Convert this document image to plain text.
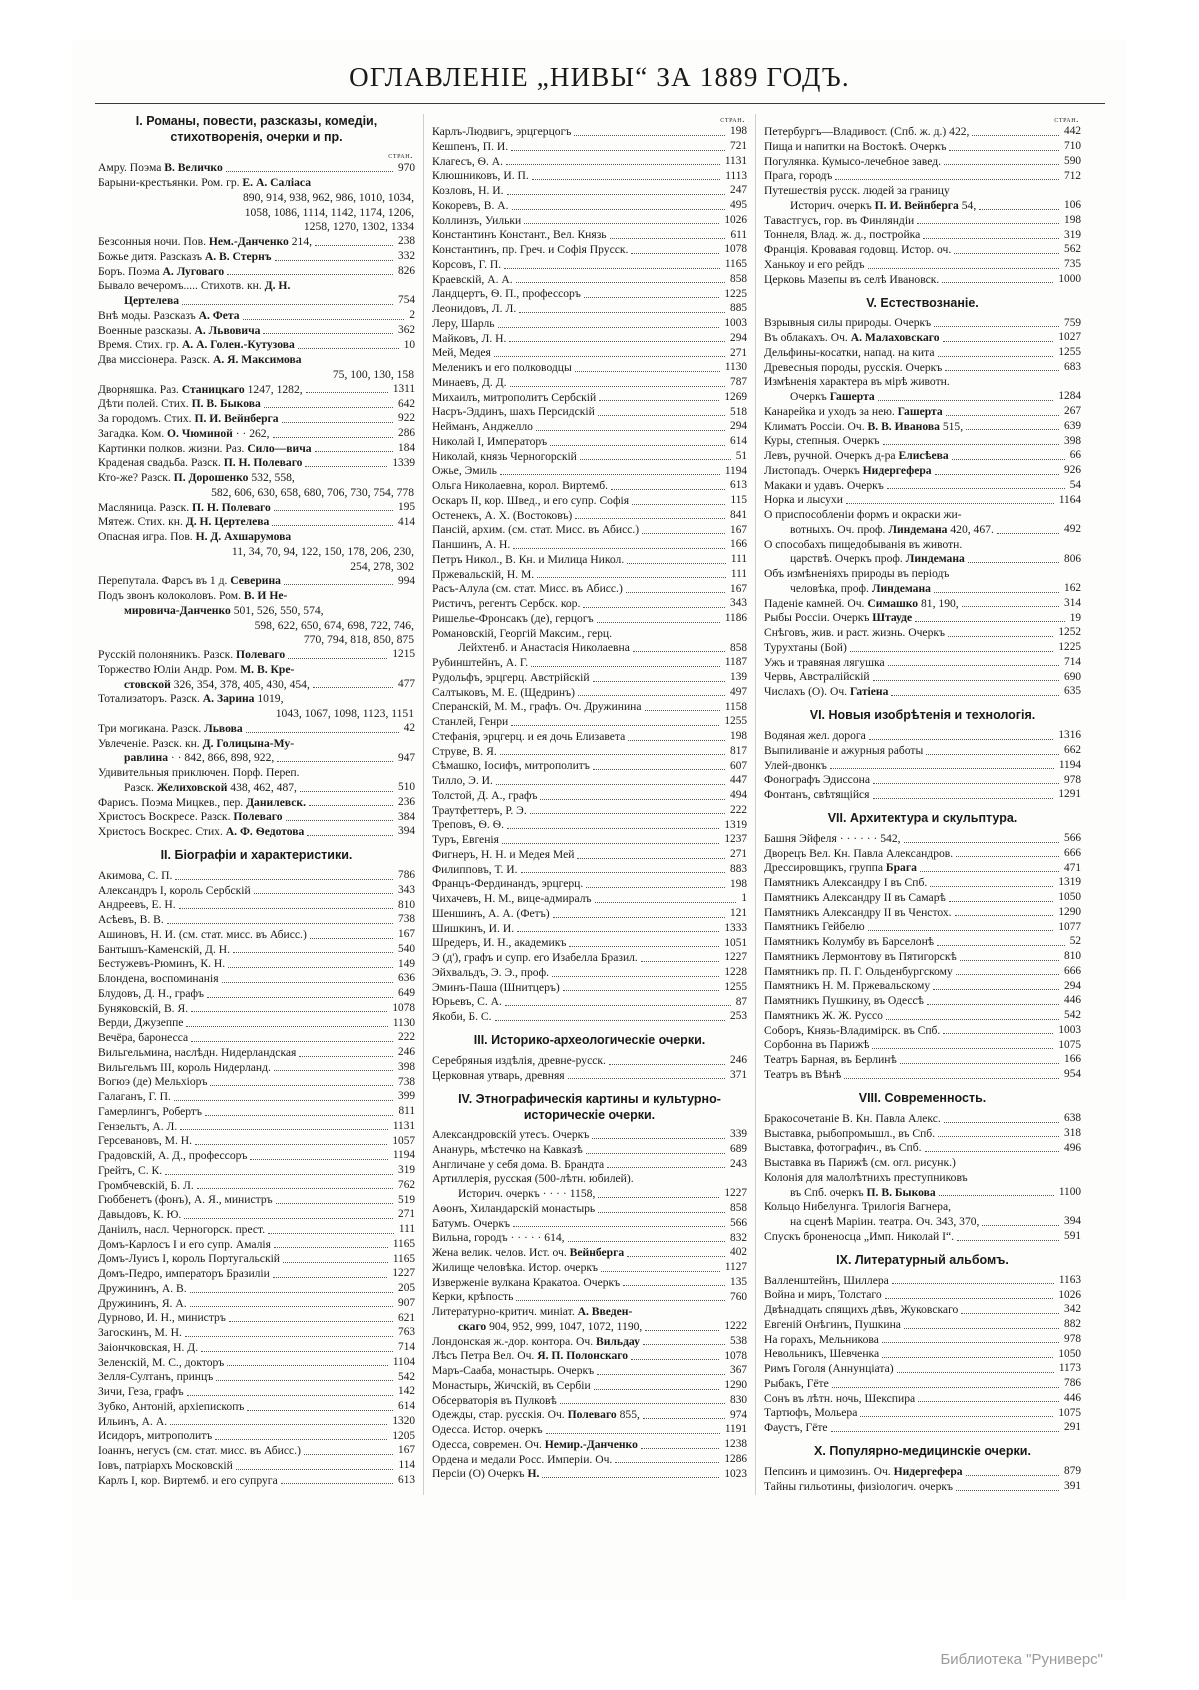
ОГЛАВЛЕНІЕ „НИВЫ“ ЗА 1889 ГОДЪ.
I. Романы, повести, разсказы, комедіи, стихотворенія, очерки и пр.
стран.
Амру. Поэма В. Величко	970
Барыни-крестьянки. Ром. гр. Е. А. Саліаса
890, 914, 938, 962, 986, 1010, 1034,
1058, 1086, 1114, 1142, 1174, 1206,
1258, 1270, 1302, 1334
Безсонныя ночи. Пов. Нем.-Данченко 214,	238
Божье дитя. Разсказъ А. В. Стернъ	332
Боръ. Поэма А. Луговаго	826
Бывало вечеромъ..... Стихотв. кн. Д. Н.
Цертелева	754
Внѣ моды. Разсказъ А. Фета	2
Военные разсказы. А. Львовича	362
Время. Стих. гр. А. А. Голен.-Кутузова	10
Два миссіонера. Разск. А. Я. Максимова
75, 100, 130, 158
Дворняшка. Раз. Станицкаго 1247, 1282,	1311
Дѣти полей. Стих. П. В. Быкова	642
За городомъ. Стих. П. И. Вейнберга	922
Загадка. Ком. О. Чюминой · · 262,	286
Картинки полков. жизни. Раз. Сило—вича	184
Краденая свадьба. Разск. П. Н. Полеваго	1339
Кто-же? Разск. П. Дорошенко 532, 558,
582, 606, 630, 658, 680, 706, 730, 754, 778
Масляница. Разск. П. Н. Полеваго	195
Мятеж. Стих. кн. Д. Н. Цертелева	414
Опасная игра. Пов. Н. Д. Ахшарумова
11, 34, 70, 94, 122, 150, 178, 206, 230,
254, 278, 302
Перепутала. Фарсъ въ 1 д. Северина	994
Подъ звонъ колоколовъ. Ром. В. И Не-
мировича-Данченко 501, 526, 550, 574,
598, 622, 650, 674, 698, 722, 746,
770, 794, 818, 850, 875
Русскій полоняникъ. Разск. Полеваго	1215
Торжество Юліи Андр. Ром. М. В. Кре-
стовской 326, 354, 378, 405, 430, 454,	477
Тотализаторъ. Разск. А. Зарина 1019,
1043, 1067, 1098, 1123, 1151
Три могикана. Разск. Львова	42
Увлеченіе. Разск. кн. Д. Голицына-Му-
равлина · · 842, 866, 898, 922,	947
Удивительныя приключен. Порф. Переп.
Разск. Желиховской 438, 462, 487,	510
Фарисъ. Поэма Мицкев., пер. Данилевск.	236
Христосъ Воскресе. Разск. Полеваго	384
Христосъ Воскрес. Стих. А. Ф. Ѳедотова	394
II. Біографіи и характеристики.
Акимова, С. П.	786
Александръ I, король Сербскій	343
Андреевъ, Е. Н.	810
Асѣевъ, В. В.	738
Ашиновъ, Н. И. (см. стат. мисс. въ Абисс.)	167
Бантышъ-Каменскій, Д. Н.	540
Бестужевъ-Рюминъ, К. Н.	149
Блондена, воспоминанія	636
Блудовъ, Д. Н., графъ	649
Буняковскій, В. Я.	1078
Верди, Джузеппе	1130
Вечёра, баронесса	222
Вильгельмина, наслѣдн. Нидерландская	246
Вильгельмъ III, король Нидерланд.	398
Вогюэ (де) Мельхіоръ	738
Галаганъ, Г. П.	399
Гамерлингъ, Робертъ	811
Гензельтъ, А. Л.	1131
Герсевановъ, М. Н.	1057
Градовскій, А. Д., профессоръ	1194
Грейтъ, С. К.	319
Громбчевскій, Б. Л.	762
Гюббенетъ (фонъ), А. Я., министръ	519
Давыдовъ, К. Ю.	271
Даніилъ, насл. Черногорск. прест.	111
Домъ-Карлосъ I и его супр. Амалія	1165
Домъ-Луисъ I, король Португальскій	1165
Домъ-Педро, императоръ Бразиліи	1227
Дружининъ, А. В.	205
Дружининъ, Я. А.	907
Дурново, И. Н., министръ	621
Загоскинъ, М. Н.	763
Заіончковская, Н. Д.	714
Зеленскій, М. С., докторъ	1104
Зелля-Султанъ, принцъ	542
Зичи, Геза, графъ	142
Зубко, Антоній, архіепископъ	614
Ильинъ, А. А.	1320
Исидоръ, митрополитъ	1205
Іоаннъ, негусъ (см. стат. мисс. въ Абисс.)	167
Іовъ, патріархъ Московскій	114
Карлъ I, кор. Виртемб. и его супруга	613
стран.
Карлъ-Людвигъ, эрцгерцогъ	198
Кешпенъ, П. И.	721
Клагесъ, Ѳ. А.	1131
Клюшниковъ, И. П.	1113
Козловъ, Н. И.	247
Кокоревъ, В. А.	495
Коллинзъ, Уильки	1026
Константинъ Констант., Вел. Князь	611
Константинъ, пр. Греч. и Софія Прусск.	1078
Корсовъ, Г. П.	1165
Краевскій, А. А.	858
Ландцертъ, Ѳ. П., профессоръ	1225
Леонидовъ, Л. Л.	885
Леру, Шарль	1003
Майковъ, Л. Н.	294
Мей, Медея	271
Меленикъ и его полководцы	1130
Минаевъ, Д. Д.	787
Михаилъ, митрополитъ Сербскій	1269
Насръ-Эддинъ, шахъ Персидскій	518
Нейманъ, Анджелло	294
Николай I, Императоръ	614
Николай, князь Черногорскій	51
Ожье, Эмиль	1194
Ольга Николаевна, корол. Виртемб.	613
Оскаръ II, кор. Швед., и его супр. Софія	115
Остенекъ, А. Х. (Востоковъ)	841
Пансій, архим. (см. стат. Мисс. въ Абисс.)	167
Паншинъ, А. Н.	166
Петръ Никол., В. Кн. и Милица Никол.	111
Пржевальскій, Н. М.	111
Расъ-Алула (см. стат. Мисс. въ Абисс.)	167
Ристичъ, регентъ Сербск. кор.	343
Ришелье-Фронсакъ (де), герцогъ	1186
Романовскій, Георгій Максим., герц.
Лейхтенб. и Анастасія Николаевна	858
Рубинштейнъ, А. Г.	1187
Рудольфъ, эрцгерц. Австрійскій	139
Салтыковъ, М. Е. (Щедринъ)	497
Сперанскій, М. М., графъ. Оч. Дружинина	1158
Станлей, Генри	1255
Стефанія, эрцгерц. и ея дочь Елизавета	198
Струве, В. Я.	817
Сѣмашко, Іосифъ, митрополитъ	607
Тилло, Э. И.	447
Толстой, Д. А., графъ	494
Траутфеттеръ, Р. Э.	222
Треповъ, Ѳ. Ѳ.	1319
Туръ, Евгенія	1237
Фигнеръ, Н. Н. и Медея Мей	271
Филипповъ, Т. И.	883
Францъ-Фердинандъ, эрцгерц.	198
Чихачевъ, Н. М., вице-адмиралъ	1
Шеншинъ, А. А. (Фетъ)	121
Шишкинъ, И. И.	1333
Шредеръ, И. Н., академикъ	1051
Э (д'), графъ и супр. его Изабелла Бразил.	1227
Эйхвальдъ, Э. Э., проф.	1228
Эминъ-Паша (Шнитцеръ)	1255
Юрьевъ, С. А.	87
Якоби, Б. С.	253
III. Историко-археологическіе очерки.
Серебряныя издѣлія, древне-русск.	246
Церковная утварь, древняя	371
IV. Этнографическія картины и культурно-историческіе очерки.
Александровскій утесъ. Очеркъ	339
Ананурь, мѣстечко на Кавказѣ	689
Англичане у себя дома. В. Брандта	243
Артиллерія, русская (500-лѣтн. юбилей).
Историч. очеркъ · · · · 1158,	1227
Аѳонъ, Хиландарскій монастырь	858
Батумъ. Очеркъ	566
Вильна, городъ · · · · · 614,	832
Жена велик. челов. Ист. оч. Вейнберга	402
Жилище человѣка. Истор. очеркъ	1127
Изверженіе вулкана Кракатоа. Очеркъ	135
Керки, крѣпость	760
Литературно-критич. миніат. А. Введен-
скаго 904, 952, 999, 1047, 1072, 1190,	1222
Лондонская ж.-дор. контора. Оч. Вильдау	538
Лѣсъ Петра Вел. Оч. Я. П. Полонскаго	1078
Маръ-Сааба, монастырь. Очеркъ	367
Монастырь, Жичскій, въ Сербіи	1290
Обсерваторія въ Пулковѣ	830
Одежды, стар. русскія. Оч. Полеваго 855,	974
Одесса. Истор. очеркъ	1191
Одесса, современ. Оч. Немир.-Данченко	1238
Ордена и медали Росс. Имперіи. Оч.	1286
Персіи (О) Очеркъ Н.	1023
стран.
Петербургъ—Владивост. (Спб. ж. д.) 422,	442
Пища и напитки на Востокѣ. Очеркъ	710
Погулянка. Кумысо-лечебное завед.	590
Прага, городъ	712
Путешествія русск. людей за границу
Историч. очеркъ П. И. Вейнберга 54,	106
Тавастгусъ, гор. въ Финляндіи	198
Тоннеля, Влад. ж. д., постройка	319
Франція. Кровавая годовщ. Истор. оч.	562
Ханькоу и его рейдъ	735
Церковь Мазепы въ селѣ Ивановск.	1000
V. Естествознаніе.
Взрывныя силы природы. Очеркъ	759
Въ облакахъ. Оч. А. Малаховскаго	1027
Дельфины-косатки, напад. на кита	1255
Древесныя породы, русскія. Очеркъ	683
Измѣненія характера въ мірѣ животн.
Очеркъ Гашерта	1284
Канарейка и уходъ за нею. Гашерта	267
Климатъ Россіи. Оч. В. В. Иванова 515,	639
Куры, степныя. Очеркъ	398
Левъ, ручной. Очеркъ д-ра Елисѣева	66
Листопадъ. Очеркъ Нидергефера	926
Макаки и удавъ. Очеркъ	54
Норка и лысухи	1164
О приспособленіи формъ и окраски жи-
вотныхъ. Оч. проф. Линдемана 420, 467.	492
О способахъ пищедобыванія въ животн.
царствѣ. Очеркъ проф. Линдемана	806
Объ измѣненіяхъ природы въ періодъ
человѣка, проф. Линдемана	162
Паденіе камней. Оч. Симашко 81, 190,	314
Рыбы Россіи. Очеркъ Штауде	19
Снѣговъ, жив. и раст. жизнь. Очеркъ	1252
Турухтаны (Бой)	1225
Ужъ и травяная лягушка	714
Червь, Австралійскій	690
Числахъ (О). Оч. Гатіена	635
VI. Новыя изобрѣтенія и технологія.
Водяная жел. дорога	1316
Выпиливаніе и ажурныя работы	662
Улей-двонкъ	1194
Фонографъ Эдиссона	978
Фонтанъ, свѣтящійся	1291
VII. Архитектура и скульптура.
Башня Эйфеля · · · · · · 542,	566
Дворецъ Вел. Кн. Павла Александров.	666
Дрессировщикъ, группа Брага	471
Памятникъ Александру I въ Спб.	1319
Памятникъ Александру II въ Самарѣ	1050
Памятникъ Александру II въ Ченстох.	1290
Памятникъ Гейбелю	1077
Памятникъ Колумбу въ Барселонѣ	52
Памятникъ Лермонтову въ Пятигорскѣ	810
Памятникъ пр. П. Г. Ольденбургскому	666
Памятникъ Н. М. Пржевальскому	294
Памятникъ Пушкину, въ Одессѣ	446
Памятникъ Ж. Ж. Руссо	542
Соборъ, Князь-Владимірск. въ Спб.	1003
Сорбонна въ Парижѣ	1075
Театръ Барная, въ Берлинѣ	166
Театръ въ Вѣнѣ	954
VIII. Современность.
Бракосочетаніе В. Кн. Павла Алекс.	638
Выставка, рыбопромышл., въ Спб.	318
Выставка, фотографич., въ Спб.	496
Выставка въ Парижѣ (см. огл. рисунк.)
Колонія для малолѣтнихъ преступниковъ
въ Спб. очеркъ П. В. Быкова	1100
Кольцо Нибелунга. Трилогія Вагнера,
на сценѣ Маріин. театра. Оч. 343, 370,	394
Спускъ броненосца „Имп. Николай I“.	591
IX. Литературный альбомъ.
Валленштейнъ, Шиллера	1163
Война и миръ, Толстаго	1026
Двѣнадцать спящихъ дѣвъ, Жуковскаго	342
Евгеній Онѣгинъ, Пушкина	882
На горахъ, Мельникова	978
Невольникъ, Шевченка	1050
Римъ Гоголя (Аннунціата)	1173
Рыбакъ, Гёте	786
Сонъ въ лѣтн. ночь, Шекспира	446
Тартюфъ, Мольера	1075
Фаустъ, Гёте	291
X. Популярно-медицинскіе очерки.
Пепсинъ и цимозинъ. Оч. Нидергефера	879
Тайны гильотины, физіологич. очеркъ	391
Библиотека "Руниверс"
